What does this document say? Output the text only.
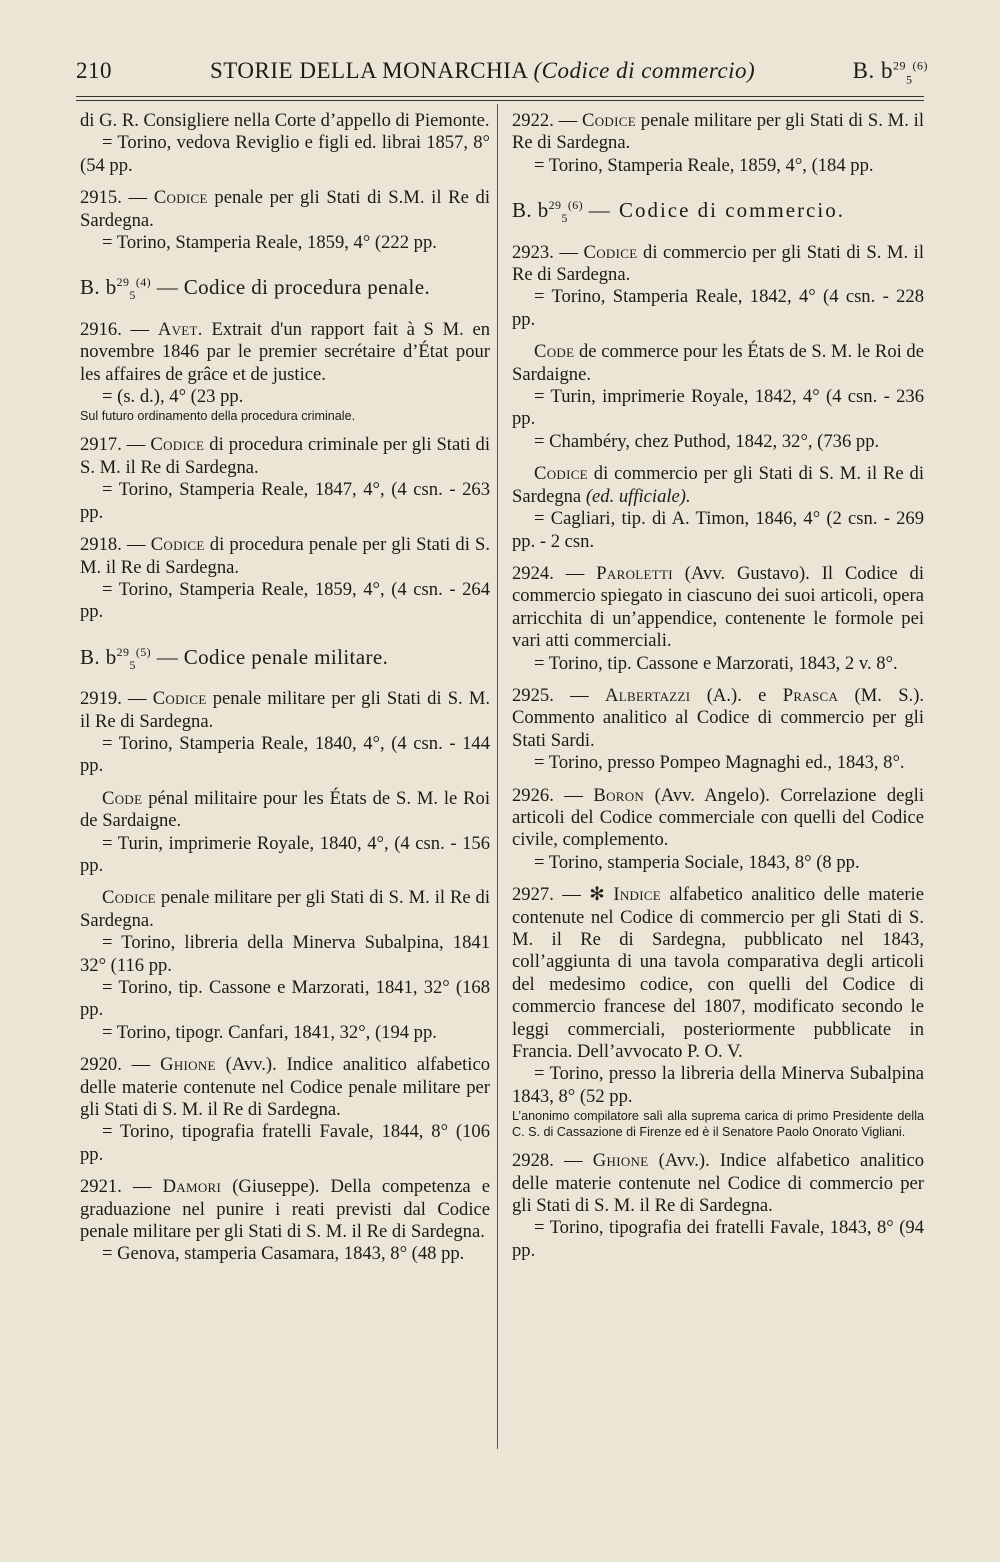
210	STORIE DELLA MONARCHIA (Codice di commercio)	B. $b^{29}_5^{(6)}$

di G. R. Consigliere nella Corte d’appello di Piemonte.

= Torino, vedova Reviglio e figli ed. librai 1857, 8° (54 pp.

2915. — Codice penale per gli Stati di S.M. il Re di Sardegna.

= Torino, Stamperia Reale, 1859, 4° (222 pp.

B. $b^{29}_5^{(4)}$ — Codice di procedura penale.

2916. — Avet. Extrait d'un rapport fait à S M. en novembre 1846 par le premier secrétaire d’État pour les affaires de grâce et de justice.

= (s. d.), 4° (23 pp.

Sul futuro ordinamento della procedura criminale.

2917. — Codice di procedura criminale per gli Stati di S. M. il Re di Sardegna.

= Torino, Stamperia Reale, 1847, 4°, (4 csn. - 263 pp.

2918. — Codice di procedura penale per gli Stati di S. M. il Re di Sardegna.

= Torino, Stamperia Reale, 1859, 4°, (4 csn. - 264 pp.

B. $b^{29}_5^{(5)}$ — Codice penale militare.

2919. — Codice penale militare per gli Stati di S. M. il Re di Sardegna.

= Torino, Stamperia Reale, 1840, 4°, (4 csn. - 144 pp.

Code pénal militaire pour les États de S. M. le Roi de Sardaigne.

= Turin, imprimerie Royale, 1840, 4°, (4 csn. - 156 pp.

Codice penale militare per gli Stati di S. M. il Re di Sardegna.

= Torino, libreria della Minerva Subalpina, 1841 32° (116 pp.

= Torino, tip. Cassone e Marzorati, 1841, 32° (168 pp.

= Torino, tipogr. Canfari, 1841, 32°, (194 pp.

2920. — Ghione (Avv.). Indice analitico alfabetico delle materie contenute nel Codice penale militare per gli Stati di S. M. il Re di Sardegna.

= Torino, tipografia fratelli Favale, 1844, 8° (106 pp.

2921. — Damori (Giuseppe). Della competenza e graduazione nel punire i reati previsti dal Codice penale militare per gli Stati di S. M. il Re di Sardegna.

= Genova, stamperia Casamara, 1843, 8° (48 pp.

2922. — Codice penale militare per gli Stati di S. M. il Re di Sardegna.

= Torino, Stamperia Reale, 1859, 4°, (184 pp.

B. $b^{29}_5^{(6)}$ — Codice di commercio.

2923. — Codice di commercio per gli Stati di S. M. il Re di Sardegna.

= Torino, Stamperia Reale, 1842, 4° (4 csn. - 228 pp.

Code de commerce pour les États de S. M. le Roi de Sardaigne.

= Turin, imprimerie Royale, 1842, 4° (4 csn. - 236 pp.

= Chambéry, chez Puthod, 1842, 32°, (736 pp.

Codice di commercio per gli Stati di S. M. il Re di Sardegna (ed. ufficiale).

= Cagliari, tip. di A. Timon, 1846, 4° (2 csn. - 269 pp. - 2 csn.

2924. — Paroletti (Avv. Gustavo). Il Codice di commercio spiegato in ciascuno dei suoi articoli, opera arricchita di un’appendice, contenente le formole pei vari atti commerciali.

= Torino, tip. Cassone e Marzorati, 1843, 2 v. 8°.

2925. — Albertazzi (A.). e Prasca (M. S.). Commento analitico al Codice di commercio per gli Stati Sardi.

= Torino, presso Pompeo Magnaghi ed., 1843, 8°.

2926. — Boron (Avv. Angelo). Correlazione degli articoli del Codice commerciale con quelli del Codice civile, complemento.

= Torino, stamperia Sociale, 1843, 8° (8 pp.

2927. — ✻ Indice alfabetico analitico delle materie contenute nel Codice di commercio per gli Stati di S. M. il Re di Sardegna, pubblicato nel 1843, coll’aggiunta di una tavola comparativa degli articoli del medesimo codice, con quelli del Codice di commercio francese del 1807, modificato secondo le leggi commerciali, posteriormente pubblicate in Francia. Dell’avvocato P. O. V.

= Torino, presso la libreria della Minerva Subalpina 1843, 8° (52 pp.

L’anonimo compilatore salì alla suprema carica di primo Presidente della C. S. di Cassazione di Firenze ed è il Senatore Paolo Onorato Vigliani.

2928. — Ghione (Avv.). Indice alfabetico analitico delle materie contenute nel Codice di commercio per gli Stati di S. M. il Re di Sardegna.

= Torino, tipografia dei fratelli Favale, 1843, 8° (94 pp.
